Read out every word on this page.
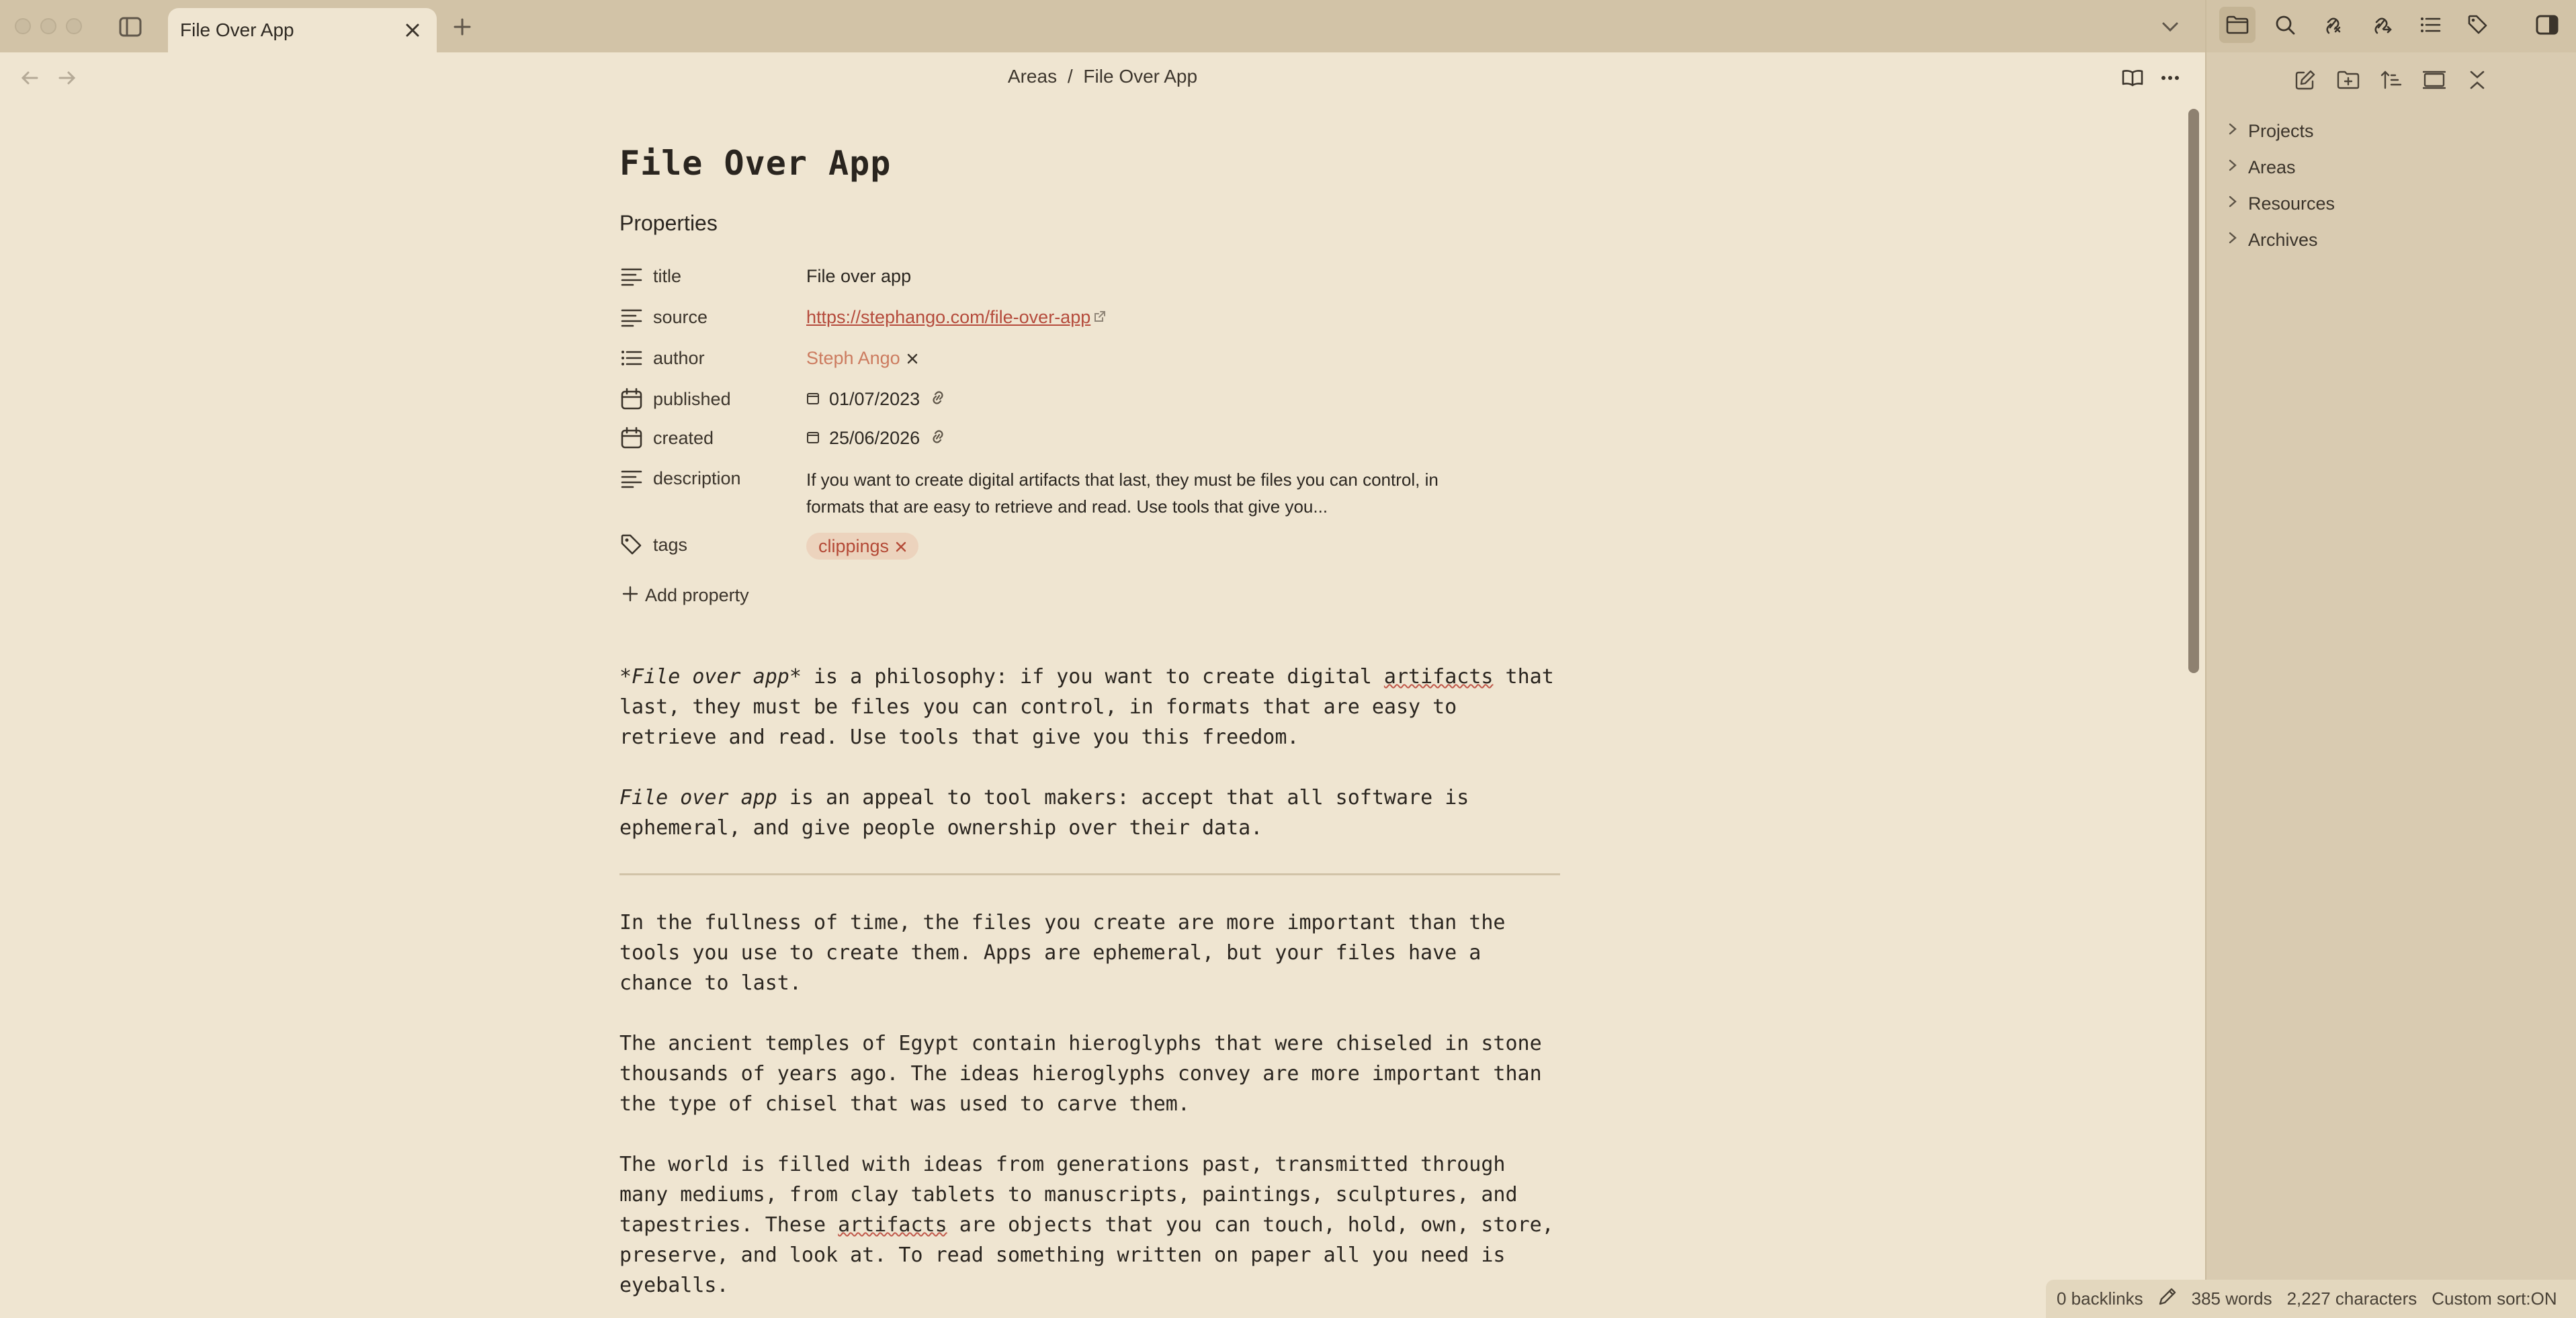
File Over App
Areas / File Over App
File Over App
Properties
title	File over app
source	https://stephango.com/file-over-app
author	Steph Ango
published	01/07/2023
created	25/06/2026
description	If you want to create digital artifacts that last, they must be files you can control, in
formats that are easy to retrieve and read. Use tools that give you...
tags	clippings
Add property

*File over app* is a philosophy: if you want to create digital artifacts that last, they must be files you can control, in formats that are easy to retrieve and read. Use tools that give you this freedom.

File over app is an appeal to tool makers: accept that all software is ephemeral, and give people ownership over their data.

In the fullness of time, the files you create are more important than the tools you use to create them. Apps are ephemeral, but your files have a chance to last.

The ancient temples of Egypt contain hieroglyphs that were chiseled in stone thousands of years ago. The ideas hieroglyphs convey are more important than the type of chisel that was used to carve them.

The world is filled with ideas from generations past, transmitted through many mediums, from clay tablets to manuscripts, paintings, sculptures, and tapestries. These artifacts are objects that you can touch, hold, own, store, preserve, and look at. To read something written on paper all you need is eyeballs.

Projects
Areas
Resources
Archives
0 backlinks	385 words 2,227 characters Custom sort:ON
